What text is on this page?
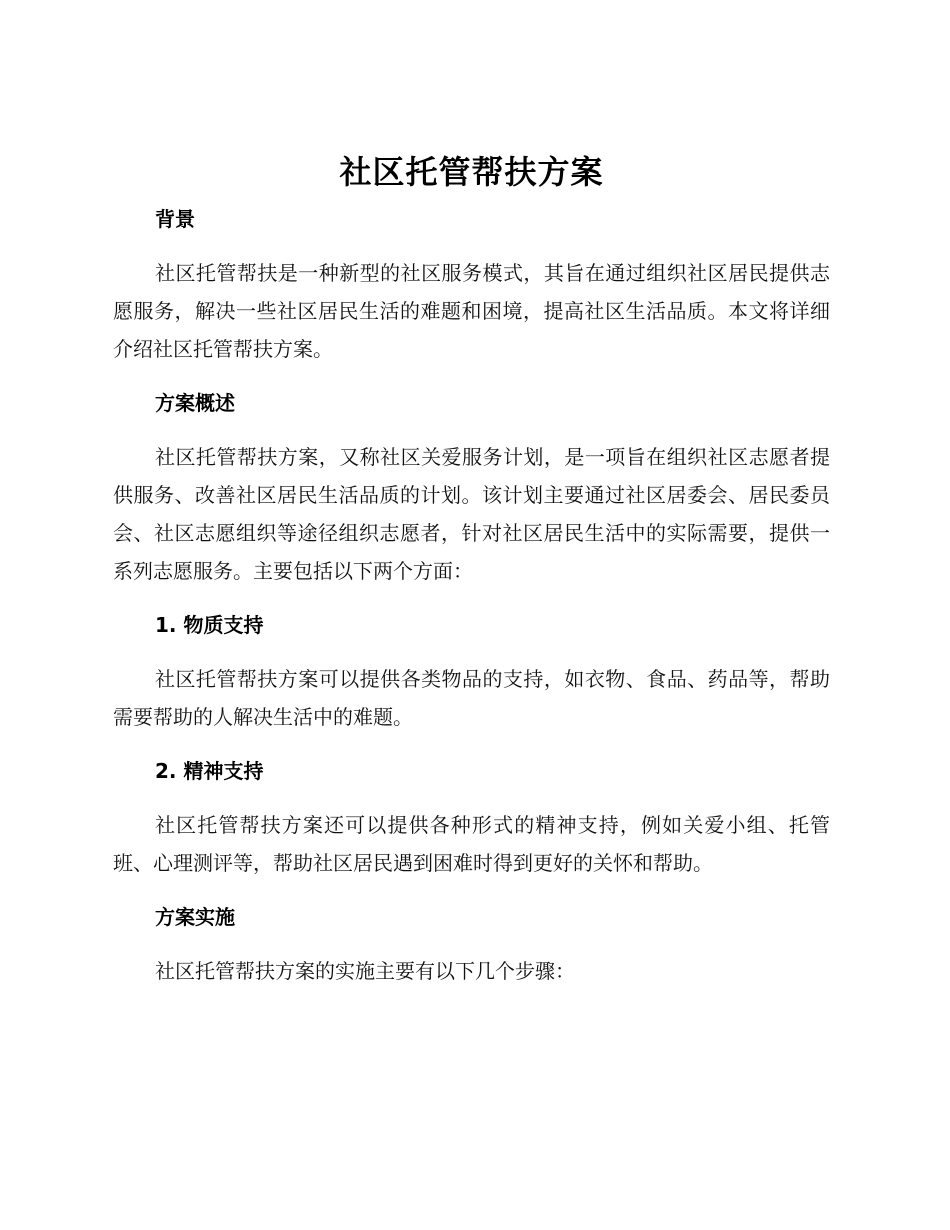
社区托管帮扶方案
背景

社区托管帮扶是一种新型的社区服务模式，其旨在通过组织社区居民提供志愿服务，解决一些社区居民生活的难题和困境，提高社区生活品质。本文将详细介绍社区托管帮扶方案。

方案概述

社区托管帮扶方案，又称社区关爱服务计划，是一项旨在组织社区志愿者提供服务、改善社区居民生活品质的计划。该计划主要通过社区居委会、居民委员会、社区志愿组织等途径组织志愿者，针对社区居民生活中的实际需要，提供一系列志愿服务。主要包括以下两个方面：

1. 物质支持

社区托管帮扶方案可以提供各类物品的支持，如衣物、食品、药品等，帮助需要帮助的人解决生活中的难题。

2. 精神支持

社区托管帮扶方案还可以提供各种形式的精神支持，例如关爱小组、托管班、心理测评等，帮助社区居民遇到困难时得到更好的关怀和帮助。

方案实施

社区托管帮扶方案的实施主要有以下几个步骤：
